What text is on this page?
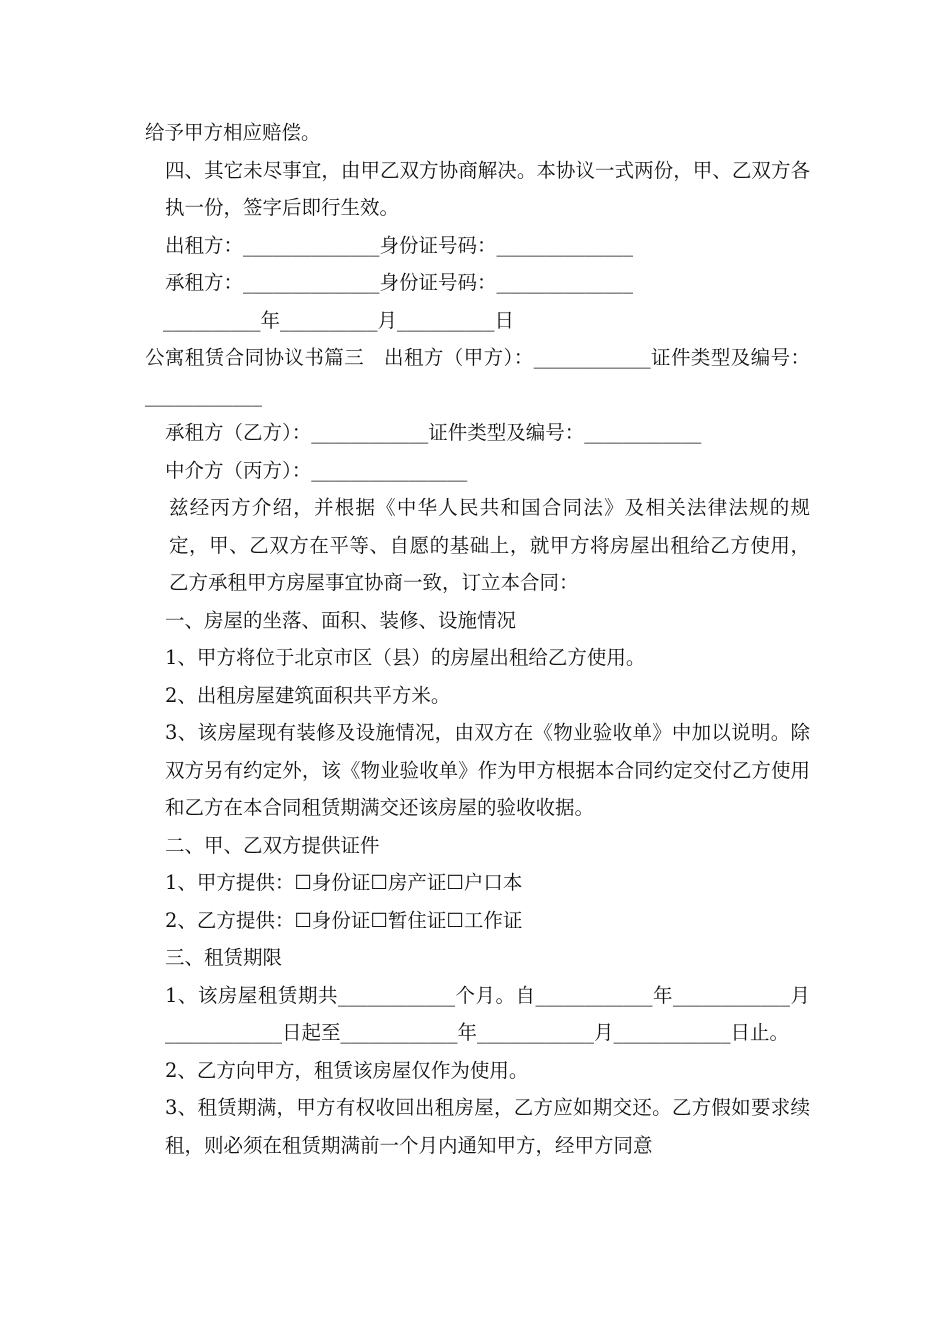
给予甲方相应赔偿。

四、其它未尽事宜，由甲乙双方协商解决。本协议一式两份，甲、乙双方各执一份，签字后即行生效。

出租方：______________身份证号码：______________

承租方：______________身份证号码：______________

__________年__________月__________日

公寓租赁合同协议书篇三　出租方（甲方）：____________证件类型及编号：____________

承租方（乙方）：____________证件类型及编号：____________

中介方（丙方）：________________

兹经丙方介绍，并根据《中华人民共和国合同法》及相关法律法规的规定，甲、乙双方在平等、自愿的基础上，就甲方将房屋出租给乙方使用，乙方承租甲方房屋事宜协商一致，订立本合同：

一、房屋的坐落、面积、装修、设施情况

1、甲方将位于北京市区（县）的房屋出租给乙方使用。

2、出租房屋建筑面积共平方米。

3、该房屋现有装修及设施情况，由双方在《物业验收单》中加以说明。除双方另有约定外，该《物业验收单》作为甲方根据本合同约定交付乙方使用和乙方在本合同租赁期满交还该房屋的验收收据。

二、甲、乙双方提供证件

1、甲方提供：☐身份证☐房产证☐户口本

2、乙方提供：☐身份证☐暂住证☐工作证

三、租赁期限

1、该房屋租赁期共____________个月。自____________年____________月____________日起至____________年____________月____________日止。

2、乙方向甲方，租赁该房屋仅作为使用。

3、租赁期满，甲方有权收回出租房屋，乙方应如期交还。乙方假如要求续租，则必须在租赁期满前一个月内通知甲方，经甲方同意
